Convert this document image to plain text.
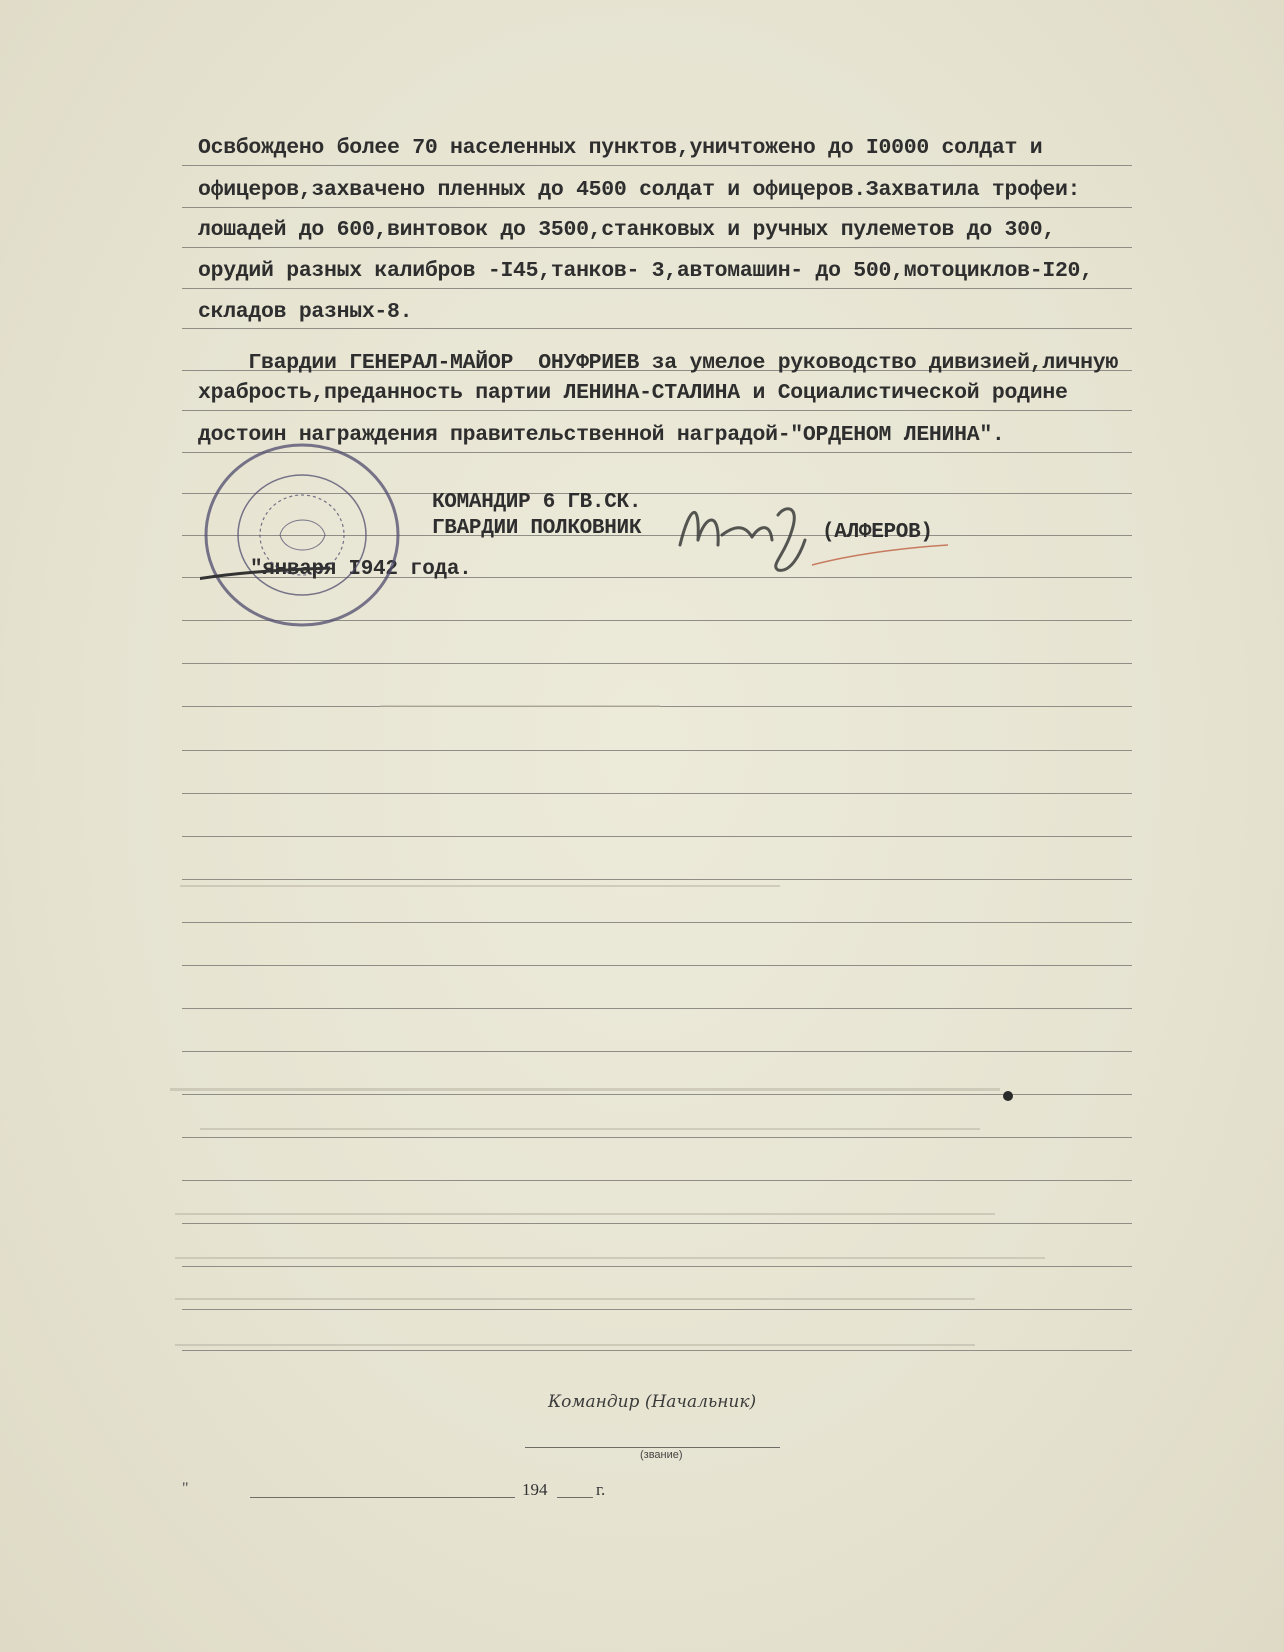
Освбождено более 70 населенных пунктов,уничтожено до I0000 солдат и
офицеров,захвачено пленных до 4500 солдат и офицеров.Захватила трофеи:
лошадей до 600,винтовок до 3500,станковых и ручных пулеметов до 300,
орудий разных калибров -I45,танков- 3,автомашин- до 500,мотоциклов-I20,
складов разных-8.
Гвардии ГЕНЕРАЛ-МАЙОР  ОНУФРИЕВ за умелое руководство дивизией,личную
храбрость,преданность партии ЛЕНИНА-СТАЛИНА и Социалистической родине
достоин награждения правительственной наградой-"ОРДЕНОМ ЛЕНИНА".
КОМАНДИР 6 ГВ.СК.
ГВАРДИИ ПОЛКОВНИК	(АЛФЕРОВ)
"января I942 года.
Командир (Начальник)
(звание)
"	194	г.
